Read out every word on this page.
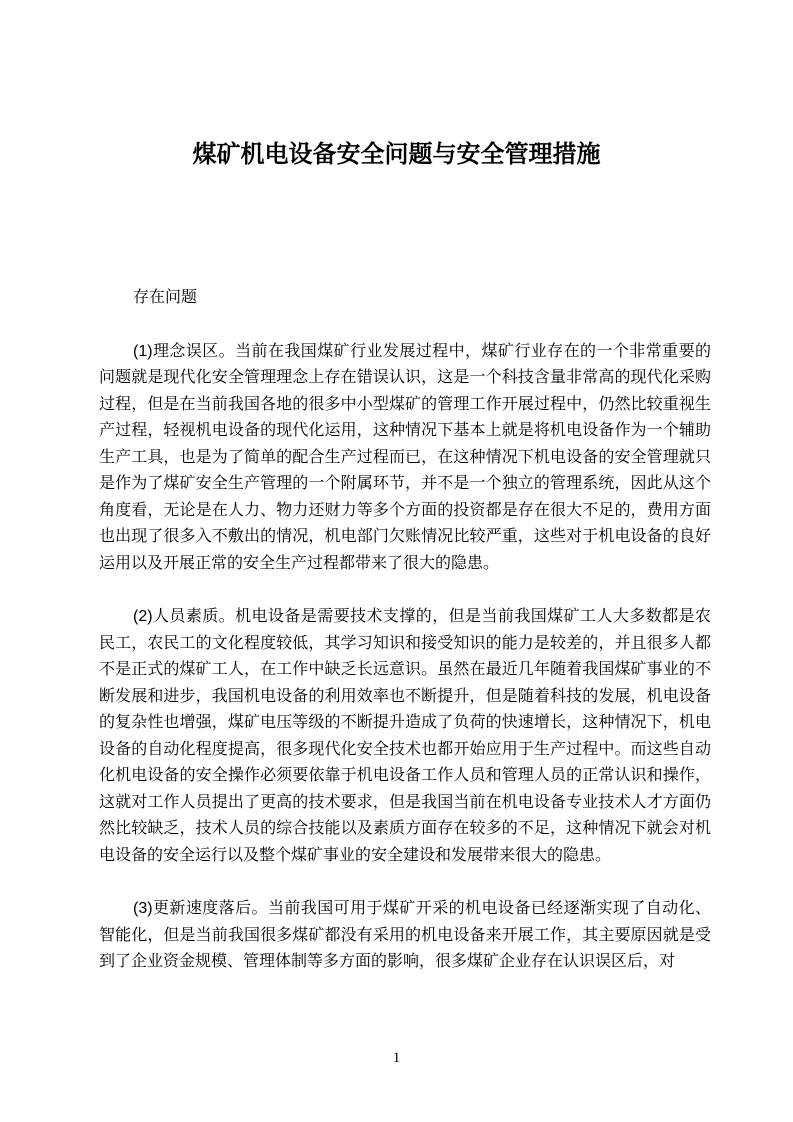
煤矿机电设备安全问题与安全管理措施

存在问题

(1)理念误区。当前在我国煤矿行业发展过程中，煤矿行业存在的一个非常重要的问题就是现代化安全管理理念上存在错误认识，这是一个科技含量非常高的现代化采购过程，但是在当前我国各地的很多中小型煤矿的管理工作开展过程中，仍然比较重视生产过程，轻视机电设备的现代化运用，这种情况下基本上就是将机电设备作为一个辅助生产工具，也是为了简单的配合生产过程而已，在这种情况下机电设备的安全管理就只是作为了煤矿安全生产管理的一个附属环节，并不是一个独立的管理系统，因此从这个角度看，无论是在人力、物力还财力等多个方面的投资都是存在很大不足的，费用方面也出现了很多入不敷出的情况，机电部门欠账情况比较严重，这些对于机电设备的良好运用以及开展正常的安全生产过程都带来了很大的隐患。

(2)人员素质。机电设备是需要技术支撑的，但是当前我国煤矿工人大多数都是农民工，农民工的文化程度较低，其学习知识和接受知识的能力是较差的，并且很多人都不是正式的煤矿工人，在工作中缺乏长远意识。虽然在最近几年随着我国煤矿事业的不断发展和进步，我国机电设备的利用效率也不断提升，但是随着科技的发展，机电设备的复杂性也增强，煤矿电压等级的不断提升造成了负荷的快速增长，这种情况下，机电设备的自动化程度提高，很多现代化安全技术也都开始应用于生产过程中。而这些自动化机电设备的安全操作必须要依靠于机电设备工作人员和管理人员的正常认识和操作，这就对工作人员提出了更高的技术要求，但是我国当前在机电设备专业技术人才方面仍然比较缺乏，技术人员的综合技能以及素质方面存在较多的不足，这种情况下就会对机电设备的安全运行以及整个煤矿事业的安全建设和发展带来很大的隐患。

(3)更新速度落后。当前我国可用于煤矿开采的机电设备已经逐渐实现了自动化、智能化，但是当前我国很多煤矿都没有采用的机电设备来开展工作，其主要原因就是受到了企业资金规模、管理体制等多方面的影响，很多煤矿企业存在认识误区后，对

1
